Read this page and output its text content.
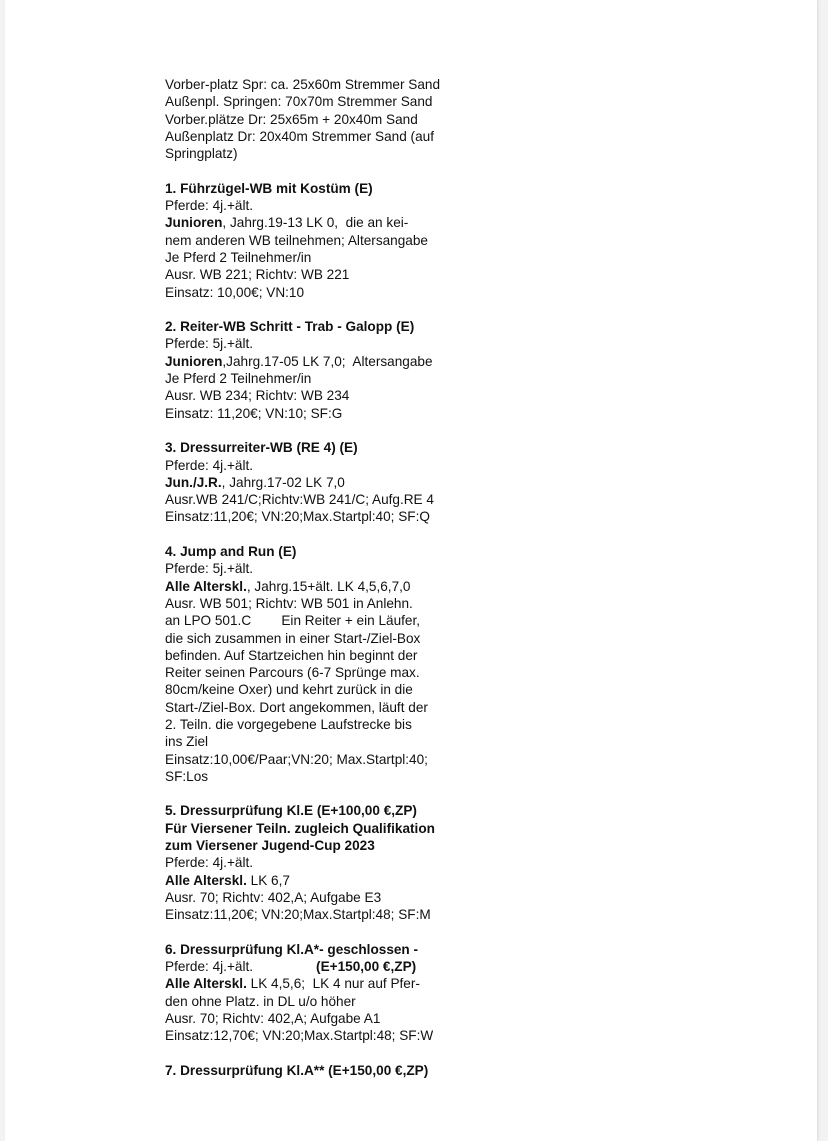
Vorber-platz Spr: ca. 25x60m Stremmer Sand
Außenpl. Springen: 70x70m Stremmer Sand
Vorber.plätze Dr: 25x65m + 20x40m Sand
Außenplatz Dr: 20x40m Stremmer Sand (auf
Springplatz)
1. Führzügel-WB mit Kostüm (E)
Pferde: 4j.+ält.
Junioren, Jahrg.19-13 LK 0,  die an kei-
nem anderen WB teilnehmen; Altersangabe
Je Pferd 2 Teilnehmer/in
Ausr. WB 221; Richtv: WB 221
Einsatz: 10,00€; VN:10
2. Reiter-WB Schritt - Trab - Galopp (E)
Pferde: 5j.+ält.
Junioren,Jahrg.17-05 LK 7,0;  Altersangabe
Je Pferd 2 Teilnehmer/in
Ausr. WB 234; Richtv: WB 234
Einsatz: 11,20€; VN:10; SF:G
3. Dressurreiter-WB (RE 4) (E)
Pferde: 4j.+ält.
Jun./J.R., Jahrg.17-02 LK 7,0
Ausr.WB 241/C;Richtv:WB 241/C; Aufg.RE 4
Einsatz:11,20€; VN:20;Max.Startpl:40; SF:Q
4. Jump and Run (E)
Pferde: 5j.+ält.
Alle Alterskl., Jahrg.15+ält. LK 4,5,6,7,0
Ausr. WB 501; Richtv: WB 501 in Anlehn.
an LPO 501.C        Ein Reiter + ein Läufer,
die sich zusammen in einer Start-/Ziel-Box
befinden. Auf Startzeichen hin beginnt der
Reiter seinen Parcours (6-7 Sprünge max.
80cm/keine Oxer) und kehrt zurück in die
Start-/Ziel-Box. Dort angekommen, läuft der
2. Teiln. die vorgegebene Laufstrecke bis
ins Ziel
Einsatz:10,00€/Paar;VN:20; Max.Startpl:40;
SF:Los
5. Dressurprüfung Kl.E (E+100,00 €,ZP)
Für Viersener Teiln. zugleich Qualifikation
zum Viersener Jugend-Cup 2023
Pferde: 4j.+ält.
Alle Alterskl. LK 6,7
Ausr. 70; Richtv: 402,A; Aufgabe E3
Einsatz:11,20€; VN:20;Max.Startpl:48; SF:M
6. Dressurprüfung Kl.A*- geschlossen -
Pferde: 4j.+ält.	(E+150,00 €,ZP)
Alle Alterskl. LK 4,5,6;  LK 4 nur auf Pfer-
den ohne Platz. in DL u/o höher
Ausr. 70; Richtv: 402,A; Aufgabe A1
Einsatz:12,70€; VN:20;Max.Startpl:48; SF:W
7. Dressurprüfung Kl.A** (E+150,00 €,ZP)
